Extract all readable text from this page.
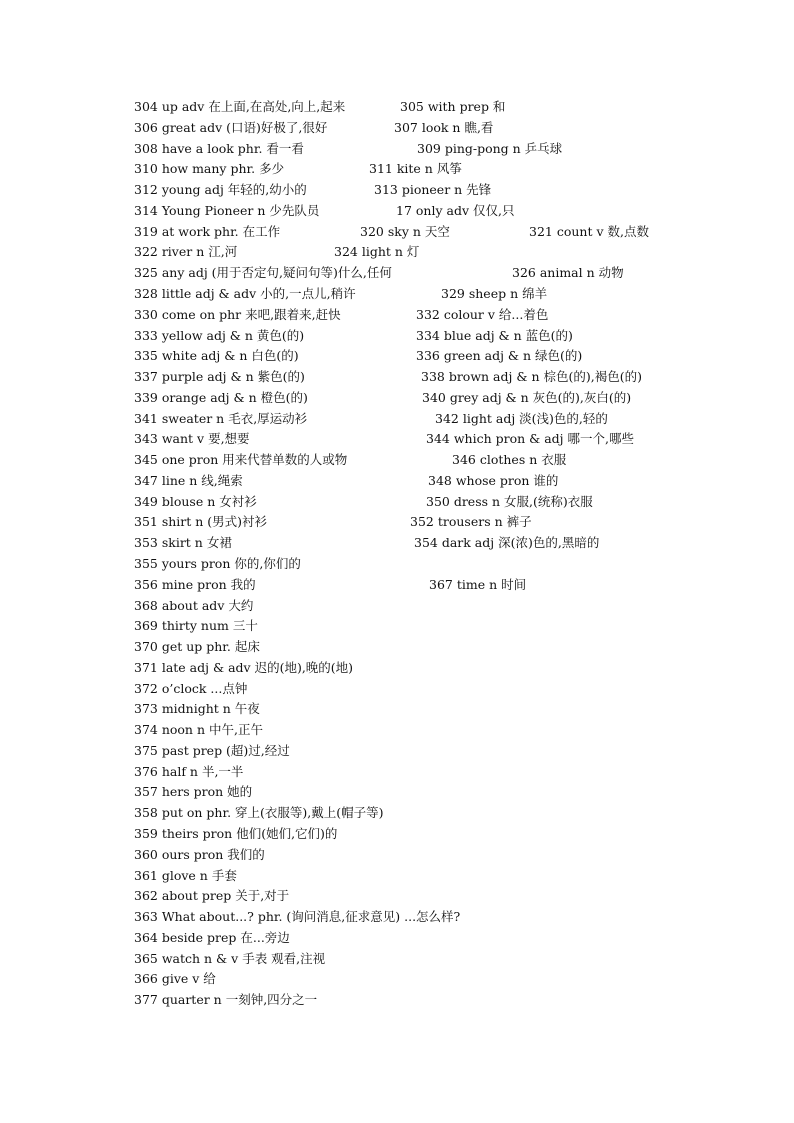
304 up adv 在上面,在高处,向上,起来	305 with prep 和
306 great adv (口语)好极了,很好	307 look n 瞧,看
308 have a look phr. 看一看	309 ping-pong n 乒乓球
310 how many phr. 多少	311 kite n 风筝
312 young adj 年轻的,幼小的	313 pioneer n 先锋
314 Young Pioneer n 少先队员	17 only adv 仅仅,只
319 at work phr. 在工作	320 sky n 天空	321 count v 数,点数
322 river n 江,河	324 light n 灯
325 any adj (用于否定句,疑问句等)什么,任何	326 animal n 动物
328 little adj & adv 小的,一点儿,稍许	329 sheep n 绵羊
330 come on phr 来吧,跟着来,赶快	332 colour v 给...着色
333 yellow adj & n 黄色(的)	334 blue adj & n 蓝色(的)
335 white adj & n 白色(的)	336 green adj & n 绿色(的)
337 purple adj & n 紫色(的)	338 brown adj & n 棕色(的),褐色(的)
339 orange adj & n 橙色(的)	340 grey adj & n 灰色(的),灰白(的)
341 sweater n 毛衣,厚运动衫	342 light adj 淡(浅)色的,轻的
343 want v 要,想要	344 which pron & adj 哪一个,哪些
345 one pron 用来代替单数的人或物	346 clothes n 衣服
347 line n 线,绳索	348 whose pron 谁的
349 blouse n 女衬衫	350 dress n 女服,(统称)衣服
351 shirt n (男式)衬衫	352 trousers n 裤子
353 skirt n 女裙	354 dark adj 深(浓)色的,黑暗的
355 yours pron 你的,你们的
356 mine pron 我的	367 time n 时间
368 about adv 大约
369 thirty num 三十
370 get up phr. 起床
371 late adj & adv 迟的(地),晚的(地)
372 o’clock ...点钟
373 midnight n 午夜
374 noon n 中午,正午
375 past prep (超)过,经过
376 half n 半,一半
357 hers pron 她的
358 put on phr. 穿上(衣服等),戴上(帽子等)
359 theirs pron 他们(她们,它们)的
360 ours pron 我们的
361 glove n 手套
362 about prep 关于,对于
363 What about...? phr. (询问消息,征求意见) ...怎么样?
364 beside prep 在...旁边
365 watch n & v 手表 观看,注视
366 give v 给
377 quarter n 一刻钟,四分之一
